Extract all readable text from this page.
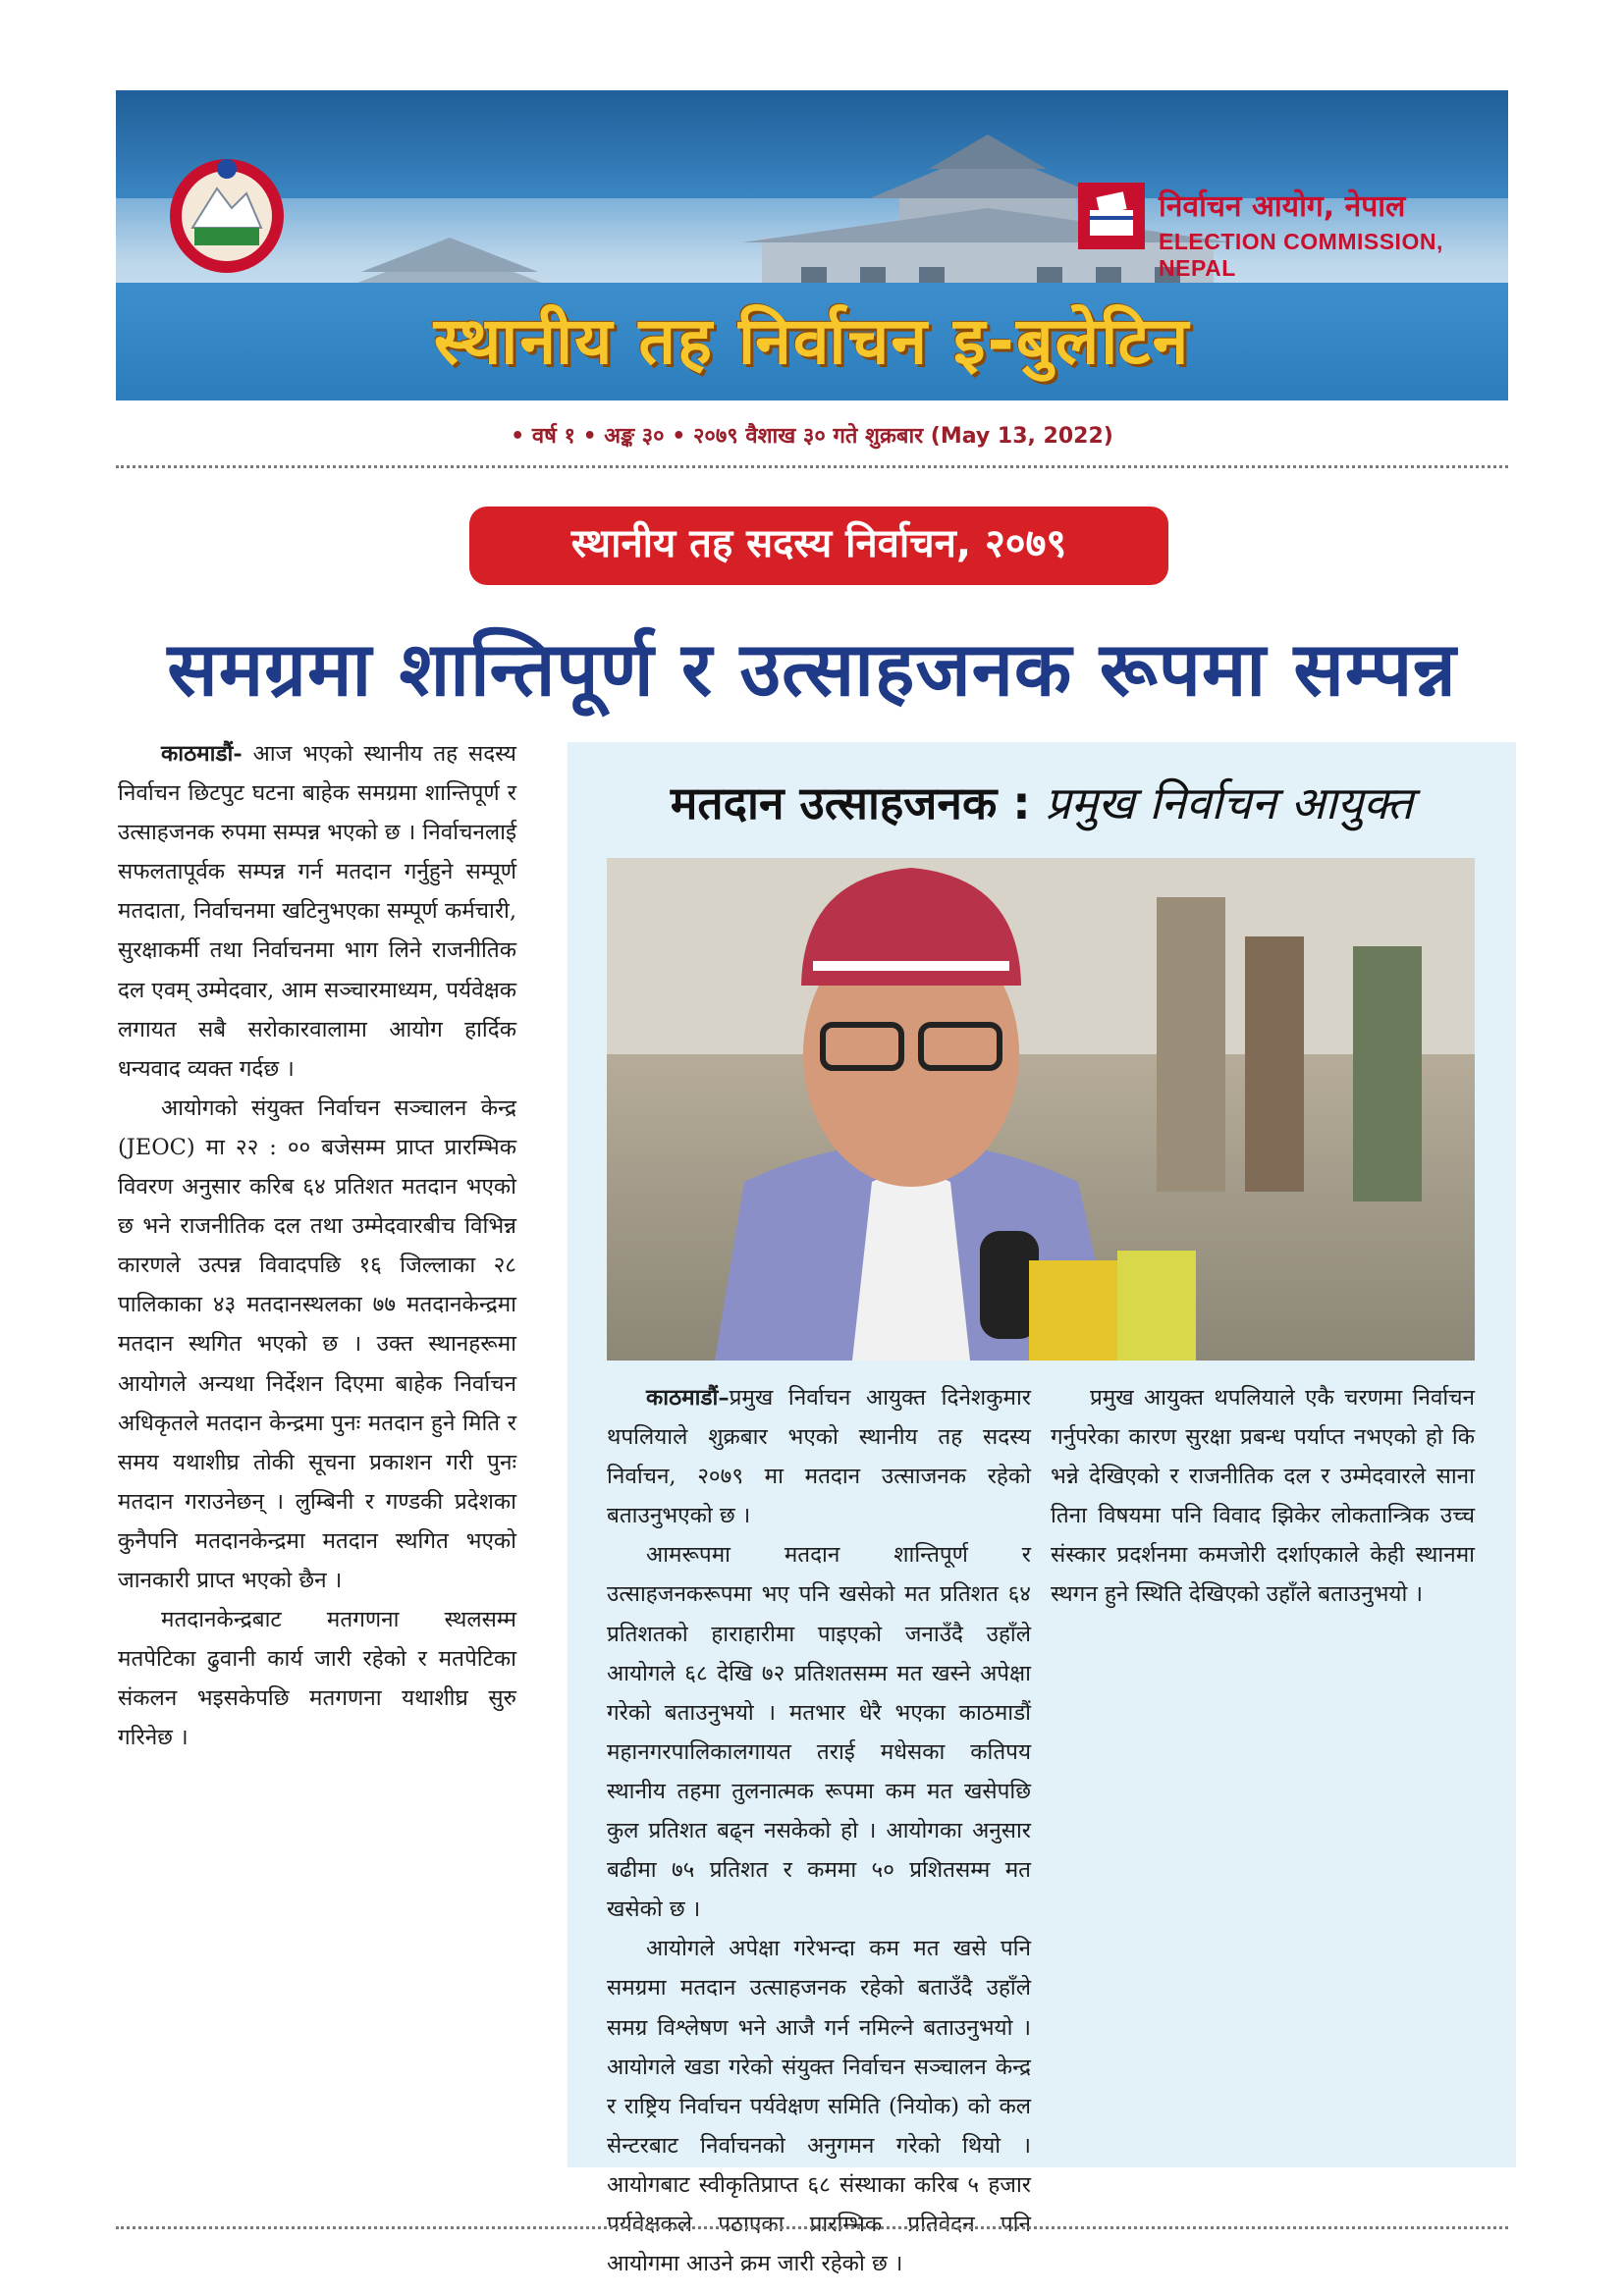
निर्वाचन आयोग, नेपाल
ELECTION COMMISSION, NEPAL
स्थानीय तह निर्वाचन इ-बुलेटिन
• वर्ष १ • अङ्क ३० • २०७९ वैशाख ३० गते शुक्रबार (May 13, 2022)
स्थानीय तह सदस्य निर्वाचन, २०७९
समग्रमा शान्तिपूर्ण र उत्साहजनक रूपमा सम्पन्न

काठमाडौं- आज भएको स्थानीय तह सदस्य निर्वाचन छिटपुट घटना बाहेक समग्रमा शान्तिपूर्ण र उत्साहजनक रुपमा सम्पन्न भएको छ । निर्वाचनलाई सफलतापूर्वक सम्पन्न गर्न मतदान गर्नुहुने सम्पूर्ण मतदाता, निर्वाचनमा खटिनुभएका सम्पूर्ण कर्मचारी, सुरक्षाकर्मी तथा निर्वाचनमा भाग लिने राजनीतिक दल एवम् उम्मेदवार, आम सञ्चारमाध्यम, पर्यवेक्षक लगायत सबै सरोकारवालामा आयोग हार्दिक धन्यवाद व्यक्त गर्दछ ।

आयोगको संयुक्त निर्वाचन सञ्चालन केन्द्र (JEOC) मा २२ : ०० बजेसम्म प्राप्त प्रारम्भिक विवरण अनुसार करिब ६४ प्रतिशत मतदान भएको छ भने राजनीतिक दल तथा उम्मेदवारबीच विभिन्न कारणले उत्पन्न विवादपछि १६ जिल्लाका २८ पालिकाका ४३ मतदानस्थलका ७७ मतदानकेन्द्रमा मतदान स्थगित भएको छ । उक्त स्थानहरूमा आयोगले अन्यथा निर्देशन दिएमा बाहेक निर्वाचन अधिकृतले मतदान केन्द्रमा पुनः मतदान हुने मिति र समय यथाशीघ्र तोकी सूचना प्रकाशन गरी पुनः मतदान गराउनेछन् । लुम्बिनी र गण्डकी प्रदेशका कुनैपनि मतदानकेन्द्रमा मतदान स्थगित भएको जानकारी प्राप्त भएको छैन ।

मतदानकेन्द्रबाट मतगणना स्थलसम्म मतपेटिका ढुवानी कार्य जारी रहेको र मतपेटिका संकलन भइसकेपछि मतगणना यथाशीघ्र सुरु गरिनेछ ।

मतदान उत्साहजनक : प्रमुख निर्वाचन आयुक्त

काठमाडौं–प्रमुख निर्वाचन आयुक्त दिनेशकुमार थपलियाले शुक्रबार भएको स्थानीय तह सदस्य निर्वाचन, २०७९ मा मतदान उत्साजनक रहेको बताउनुभएको छ ।

आमरूपमा मतदान शान्तिपूर्ण र उत्साहजनकरूपमा भए पनि खसेको मत प्रतिशत ६४ प्रतिशतको हाराहारीमा पाइएको जनाउँदै उहाँले आयोगले ६८ देखि ७२ प्रतिशतसम्म मत खस्ने अपेक्षा गरेको बताउनुभयो । मतभार धेरै भएका काठमाडौं महानगरपालिकालगायत तराई मधेसका कतिपय स्थानीय तहमा तुलनात्मक रूपमा कम मत खसेपछि कुल प्रतिशत बढ्न नसकेको हो । आयोगका अनुसार बढीमा ७५ प्रतिशत र कममा ५० प्रशितसम्म मत खसेको छ ।

आयोगले अपेक्षा गरेभन्दा कम मत खसे पनि समग्रमा मतदान उत्साहजनक रहेको बताउँदै उहाँले समग्र विश्लेषण भने आजै गर्न नमिल्ने बताउनुभयो । आयोगले खडा गरेको संयुक्त निर्वाचन सञ्चालन केन्द्र र राष्ट्रिय निर्वाचन पर्यवेक्षण समिति (नियोक) को कल सेन्टरबाट निर्वाचनको अनुगमन गरेको थियो । आयोगबाट स्वीकृतिप्राप्त ६८ संस्थाका करिब ५ हजार पर्यवेक्षकले पठाएका प्रारम्भिक प्रतिवेदन पनि आयोगमा आउने क्रम जारी रहेको छ ।

प्रमुख आयुक्त थपलियाले एकै चरणमा निर्वाचन गर्नुपरेका कारण सुरक्षा प्रबन्ध पर्याप्त नभएको हो कि भन्ने देखिएको र राजनीतिक दल र उम्मेदवारले साना तिना विषयमा पनि विवाद झिकेर लोकतान्त्रिक उच्च संस्कार प्रदर्शनमा कमजोरी दर्शाएकाले केही स्थानमा स्थगन हुने स्थिति देखिएको उहाँले बताउनुभयो ।
